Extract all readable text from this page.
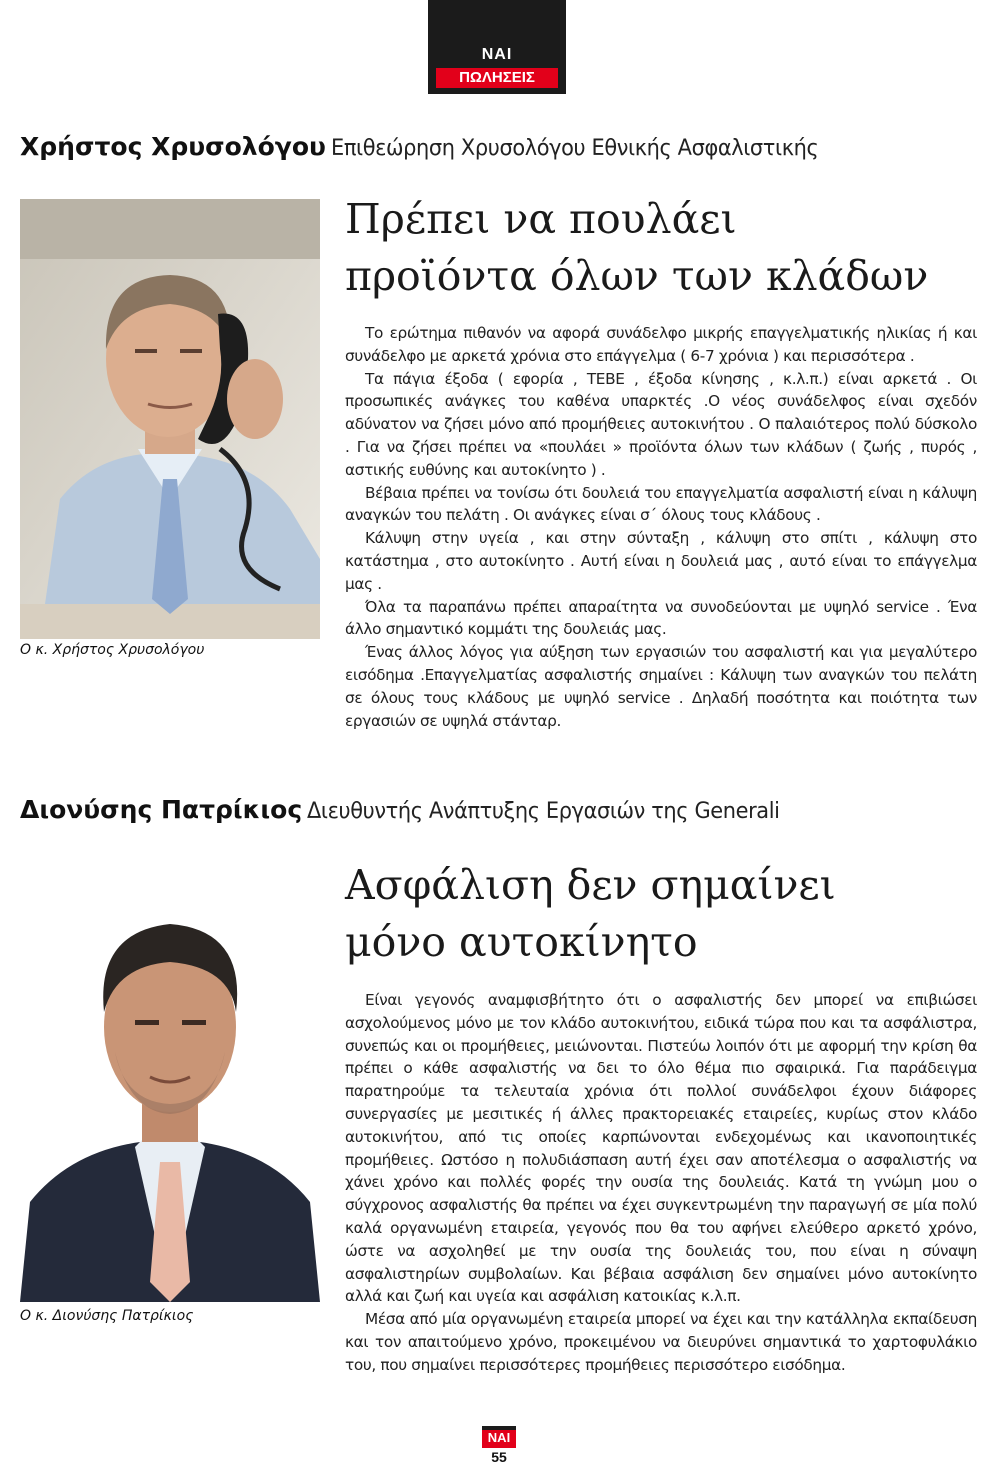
ΝΑΙ
ΠΩΛΗΣΕΙΣ
Χρήστος Χρυσολόγου Επιθεώρηση Χρυσολόγου Εθνικής Ασφαλιστικής
Ο κ. Χρήστος Χρυσολόγου
Πρέπει να πουλάει
προϊόντα όλων των κλάδων

Το ερώτημα πιθανόν να αφορά συνάδελφο μικρής επαγγελματικής ηλικίας ή και συνάδελφο με αρκετά χρόνια στο επάγγελμα ( 6-7 χρόνια ) και περισσότερα .

Τα πάγια έξοδα ( εφορία , ΤΕΒΕ , έξοδα κίνησης , κ.λ.π.) είναι αρκετά . Οι προσωπικές ανάγκες του καθένα υπαρκτές .Ο νέος συνάδελφος είναι σχεδόν αδύνατον να ζήσει μόνο από προμήθειες αυτοκινήτου . Ο παλαιότερος πολύ δύσκολο . Για να ζήσει πρέπει να «πουλάει » προϊόντα όλων των κλάδων ( ζωής , πυρός , αστικής ευθύνης και αυτοκίνητο ) .

Βέβαια πρέπει να τονίσω ότι δουλειά του επαγγελματία ασφαλιστή είναι η κάλυψη αναγκών του πελάτη . Οι ανάγκες είναι σ΄ όλους τους κλάδους .

Κάλυψη στην υγεία , και στην σύνταξη , κάλυψη στο σπίτι , κάλυψη στο κατάστημα , στο αυτοκίνητο . Αυτή είναι η δουλειά μας , αυτό είναι το επάγγελμα μας .

Όλα τα παραπάνω πρέπει απαραίτητα να συνοδεύονται με υψηλό service . Ένα άλλο σημαντικό κομμάτι της δουλειάς μας.

Ένας άλλος λόγος για αύξηση των εργασιών του ασφαλιστή και για μεγαλύτερο εισόδημα .Επαγγελματίας ασφαλιστής σημαίνει : Κάλυψη των αναγκών του πελάτη σε όλους τους κλάδους με υψηλό service . Δηλαδή ποσότητα και ποιότητα των εργασιών σε υψηλά στάνταρ.

Διονύσης Πατρίκιος Διευθυντής Ανάπτυξης Εργασιών της Generali
Ο κ. Διονύσης Πατρίκιος
Ασφάλιση δεν σημαίνει
μόνο αυτοκίνητο

Είναι γεγονός αναμφισβήτητο ότι ο ασφαλιστής δεν μπορεί να επιβιώσει ασχολούμενος μόνο με τον κλάδο αυτοκινήτου, ειδικά τώρα που και τα ασφάλιστρα, συνεπώς και οι προμήθειες, μειώνονται. Πιστεύω λοιπόν ότι με αφορμή την κρίση θα πρέπει ο κάθε ασφαλιστής να δει το όλο θέμα πιο σφαιρικά. Για παράδειγμα παρατηρούμε τα τελευταία χρόνια ότι πολλοί συνάδελφοι έχουν διάφορες συνεργασίες με μεσιτικές ή άλλες πρακτορειακές εταιρείες, κυρίως στον κλάδο αυτοκινήτου, από τις οποίες καρπώνονται ενδεχομένως και ικανοποιητικές προμήθειες. Ωστόσο η πολυδιάσπαση αυτή έχει σαν αποτέλεσμα ο ασφαλιστής να χάνει χρόνο και πολλές φορές την ουσία της δουλειάς. Κατά τη γνώμη μου ο σύγχρονος ασφαλιστής θα πρέπει να έχει συγκεντρωμένη την παραγωγή σε μία πολύ καλά οργανωμένη εταιρεία, γεγονός που θα του αφήνει ελεύθερο αρκετό χρόνο, ώστε να ασχοληθεί με την ουσία της δουλειάς του, που είναι η σύναψη ασφαλιστηρίων συμβολαίων. Και βέβαια ασφάλιση δεν σημαίνει μόνο αυτοκίνητο αλλά και ζωή και υγεία και ασφάλιση κατοικίας κ.λ.π.

Μέσα από μία οργανωμένη εταιρεία μπορεί να έχει και την κατάλληλα εκπαίδευση και τον απαιτούμενο χρόνο, προκειμένου να διευρύνει σημαντικά το χαρτοφυλάκιο του, που σημαίνει περισσότερες προμήθειες περισσότερο εισόδημα.

ΝΑΙ
55
